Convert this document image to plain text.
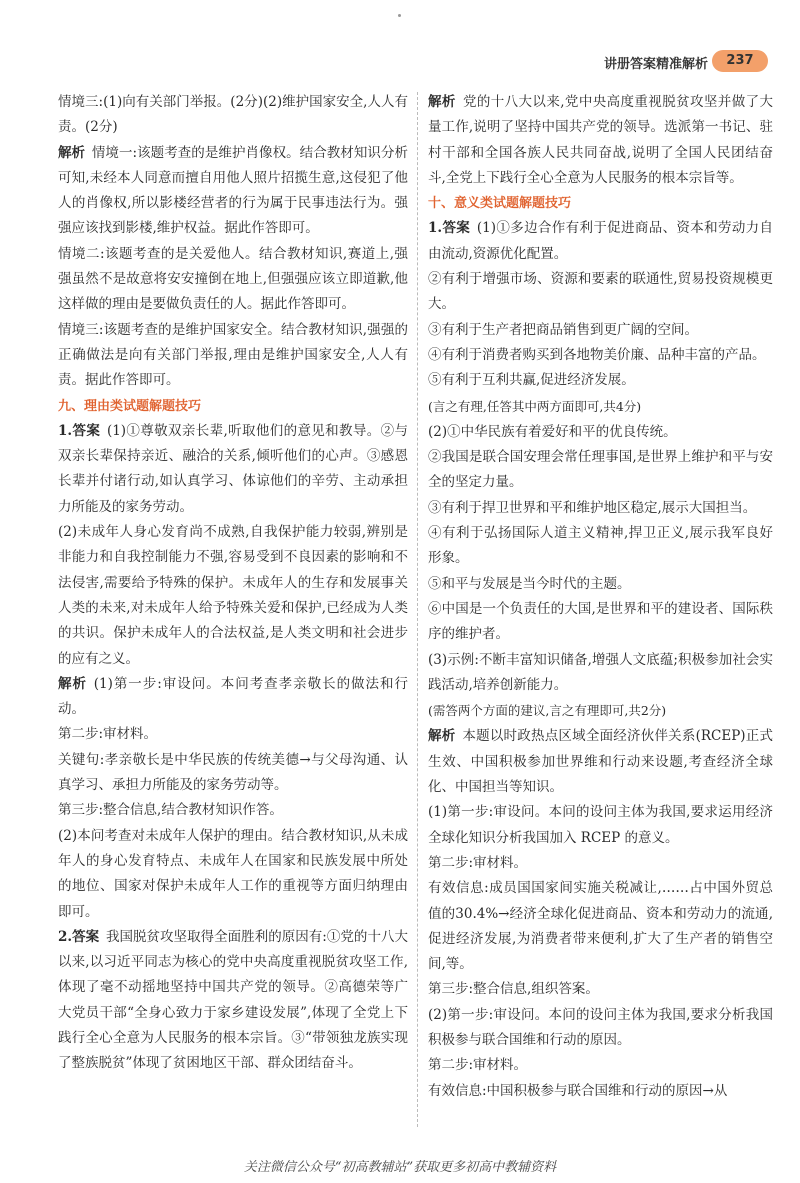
讲册答案精准解析	237

情境三:(1)向有关部门举报。(2分)(2)维护国家安全,人人有责。(2分)

解析  情境一:该题考查的是维护肖像权。结合教材知识分析可知,未经本人同意而擅自用他人照片招揽生意,这侵犯了他人的肖像权,所以影楼经营者的行为属于民事违法行为。强强应该找到影楼,维护权益。据此作答即可。

情境二:该题考查的是关爱他人。结合教材知识,赛道上,强强虽然不是故意将安安撞倒在地上,但强强应该立即道歉,他这样做的理由是要做负责任的人。据此作答即可。

情境三:该题考查的是维护国家安全。结合教材知识,强强的正确做法是向有关部门举报,理由是维护国家安全,人人有责。据此作答即可。

九、理由类试题解题技巧

1.答案  (1)①尊敬双亲长辈,听取他们的意见和教导。②与双亲长辈保持亲近、融洽的关系,倾听他们的心声。③感恩长辈并付诸行动,如认真学习、体谅他们的辛劳、主动承担力所能及的家务劳动。

(2)未成年人身心发育尚不成熟,自我保护能力较弱,辨别是非能力和自我控制能力不强,容易受到不良因素的影响和不法侵害,需要给予特殊的保护。未成年人的生存和发展事关人类的未来,对未成年人给予特殊关爱和保护,已经成为人类的共识。保护未成年人的合法权益,是人类文明和社会进步的应有之义。

解析  (1)第一步:审设问。本问考查孝亲敬长的做法和行动。

第二步:审材料。

关键句:孝亲敬长是中华民族的传统美德→与父母沟通、认真学习、承担力所能及的家务劳动等。

第三步:整合信息,结合教材知识作答。

(2)本问考查对未成年人保护的理由。结合教材知识,从未成年人的身心发育特点、未成年人在国家和民族发展中所处的地位、国家对保护未成年人工作的重视等方面归纳理由即可。

2.答案  我国脱贫攻坚取得全面胜利的原因有:①党的十八大以来,以习近平同志为核心的党中央高度重视脱贫攻坚工作,体现了毫不动摇地坚持中国共产党的领导。②高德荣等广大党员干部“全身心致力于家乡建设发展”,体现了全党上下践行全心全意为人民服务的根本宗旨。③“带领独龙族实现了整族脱贫”体现了贫困地区干部、群众团结奋斗。

解析  党的十八大以来,党中央高度重视脱贫攻坚并做了大量工作,说明了坚持中国共产党的领导。选派第一书记、驻村干部和全国各族人民共同奋战,说明了全国人民团结奋斗,全党上下践行全心全意为人民服务的根本宗旨等。

十、意义类试题解题技巧

1.答案  (1)①多边合作有利于促进商品、资本和劳动力自由流动,资源优化配置。

②有利于增强市场、资源和要素的联通性,贸易投资规模更大。

③有利于生产者把商品销售到更广阔的空间。

④有利于消费者购买到各地物美价廉、品种丰富的产品。

⑤有利于互利共赢,促进经济发展。

(言之有理,任答其中两方面即可,共4分)

(2)①中华民族有着爱好和平的优良传统。

②我国是联合国安理会常任理事国,是世界上维护和平与安全的坚定力量。

③有利于捍卫世界和平和维护地区稳定,展示大国担当。

④有利于弘扬国际人道主义精神,捍卫正义,展示我军良好形象。

⑤和平与发展是当今时代的主题。

⑥中国是一个负责任的大国,是世界和平的建设者、国际秩序的维护者。

(3)示例:不断丰富知识储备,增强人文底蕴;积极参加社会实践活动,培养创新能力。

(需答两个方面的建议,言之有理即可,共2分)

解析  本题以时政热点区域全面经济伙伴关系(RCEP)正式生效、中国积极参加世界维和行动来设题,考查经济全球化、中国担当等知识。

(1)第一步:审设问。本问的设问主体为我国,要求运用经济全球化知识分析我国加入 RCEP 的意义。

第二步:审材料。

有效信息:成员国国家间实施关税减让,……占中国外贸总值的30.4%→经济全球化促进商品、资本和劳动力的流通,促进经济发展,为消费者带来便利,扩大了生产者的销售空间,等。

第三步:整合信息,组织答案。

(2)第一步:审设问。本问的设问主体为我国,要求分析我国积极参与联合国维和行动的原因。

第二步:审材料。

有效信息:中国积极参与联合国维和行动的原因→从

关注微信公众号“初高教辅站”获取更多初高中教辅资料
